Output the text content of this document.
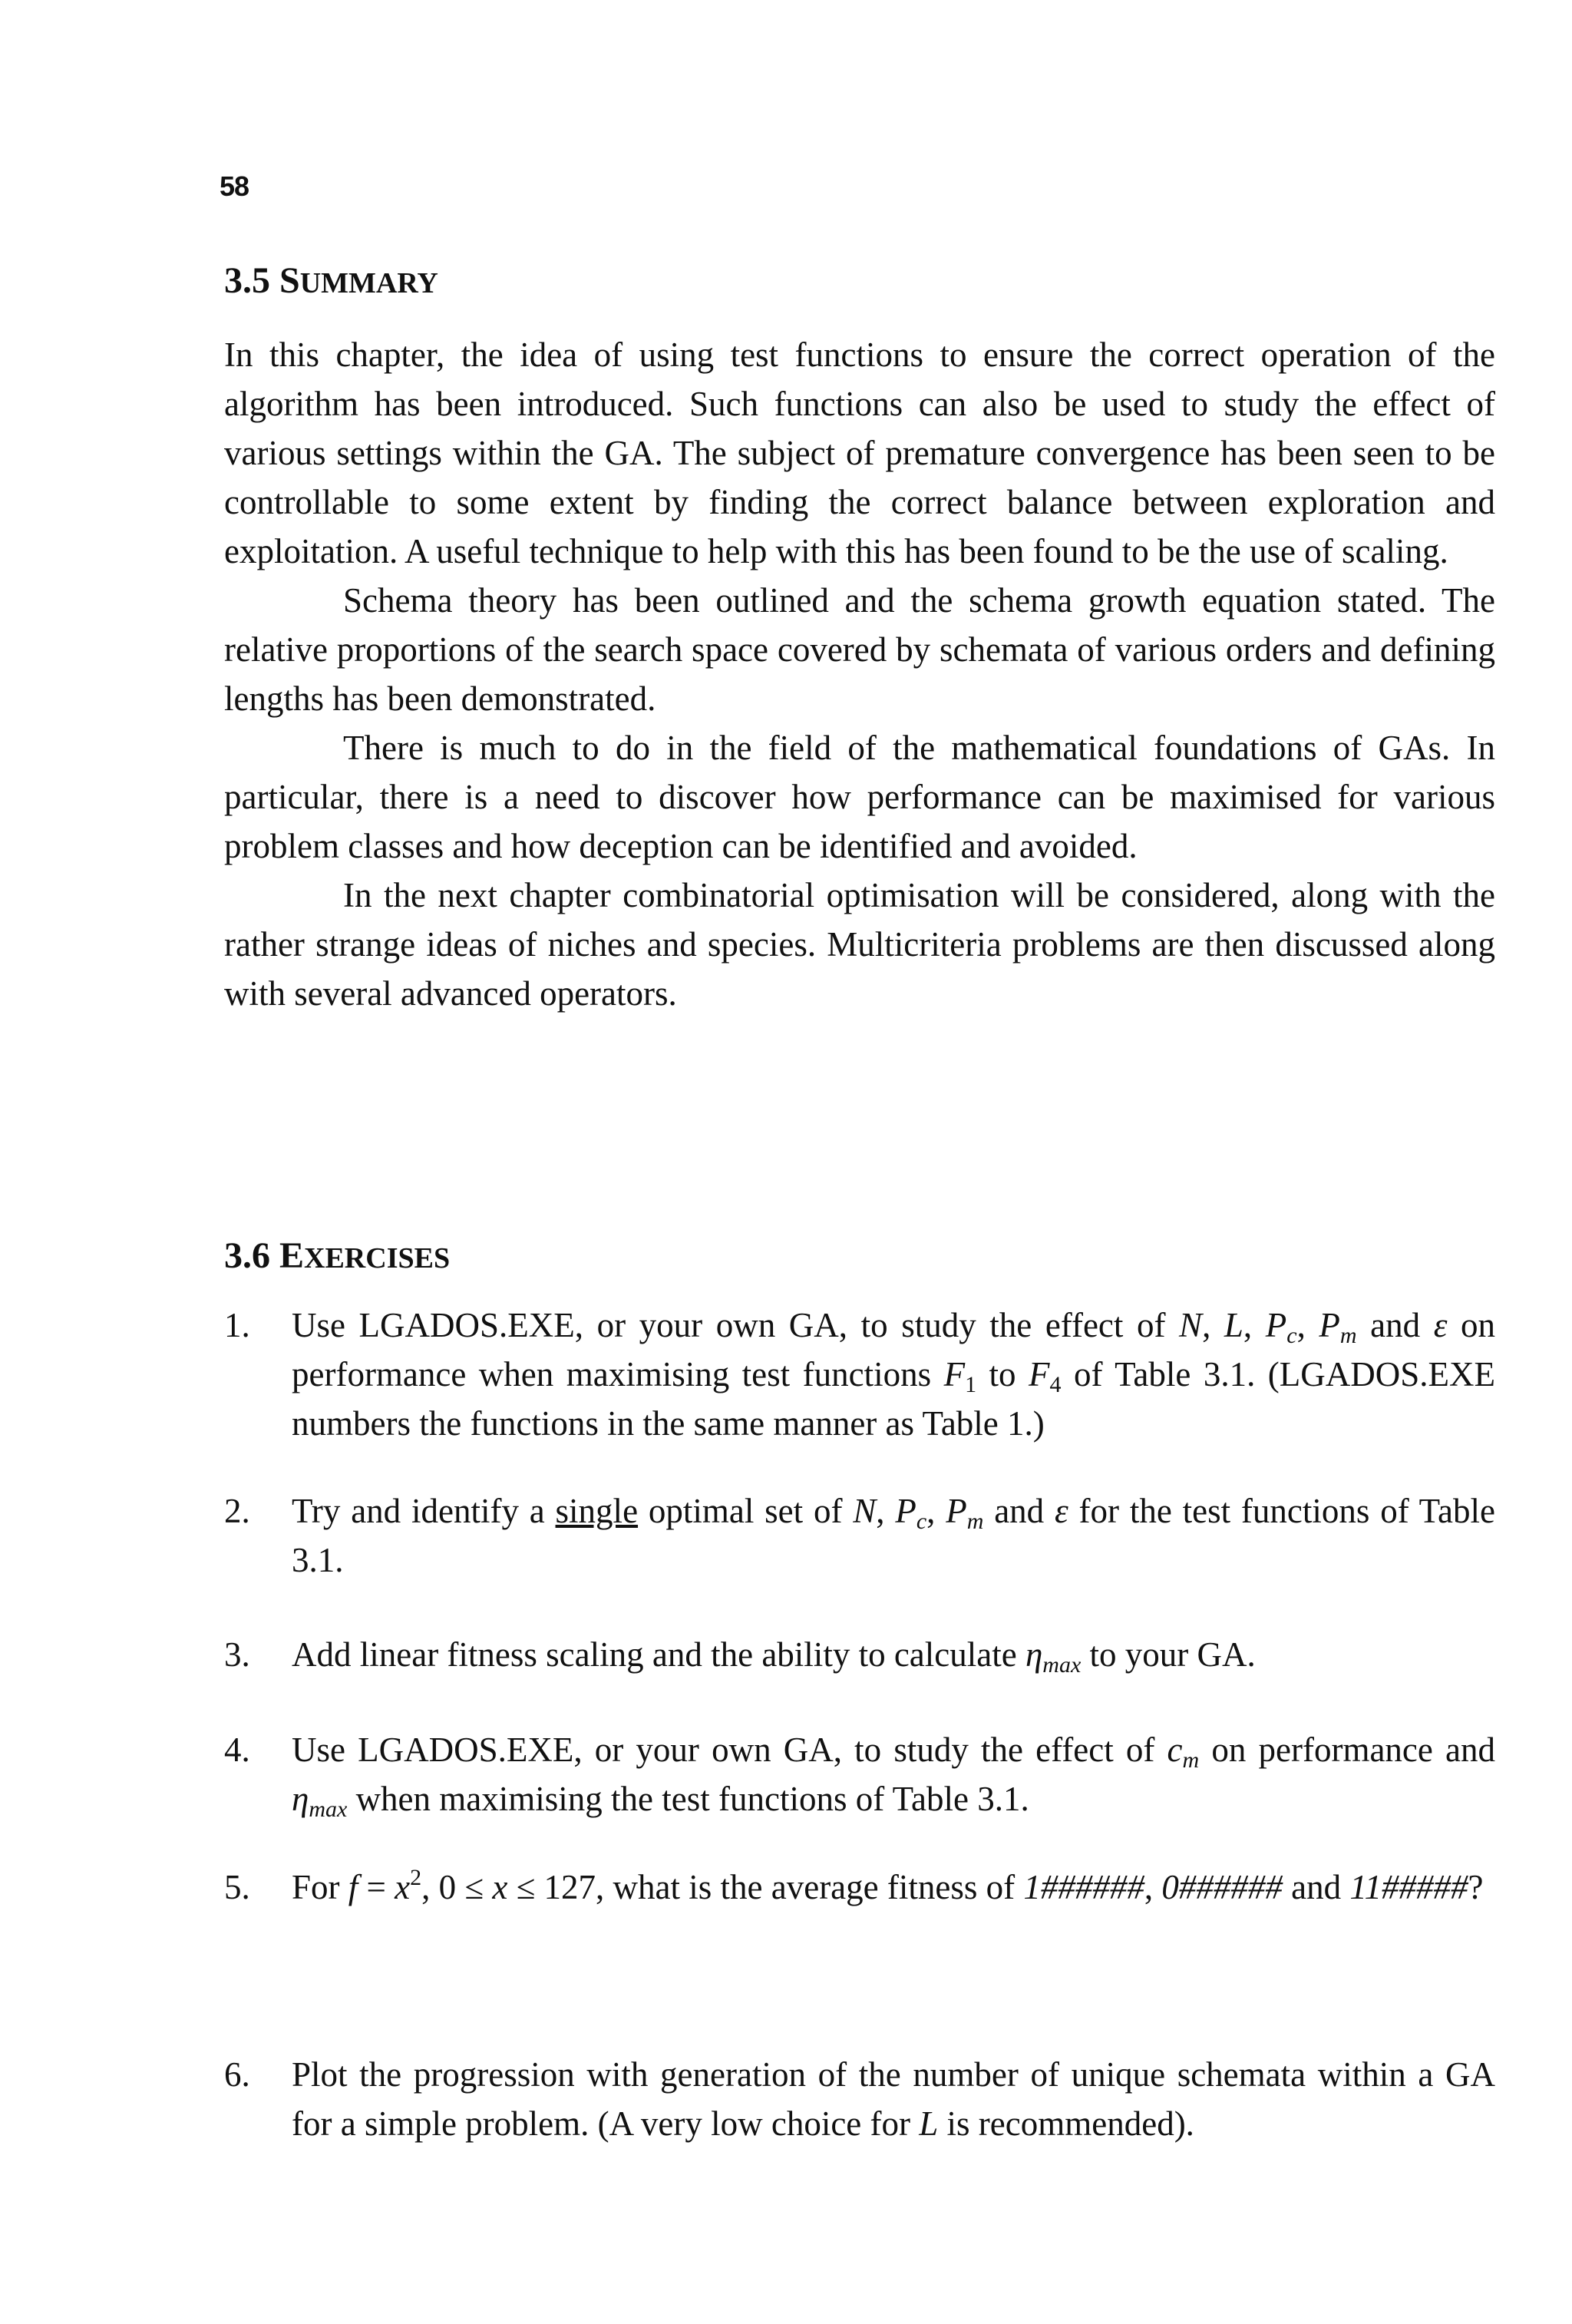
58
3.5 SUMMARY

In this chapter, the idea of using test functions to ensure the correct operation of the algorithm has been introduced. Such functions can also be used to study the effect of various settings within the GA. The subject of premature convergence has been seen to be controllable to some extent by finding the correct balance between exploration and exploitation. A useful technique to help with this has been found to be the use of scaling.

Schema theory has been outlined and the schema growth equation stated. The relative proportions of the search space covered by schemata of various orders and defining lengths has been demonstrated.

There is much to do in the field of the mathematical foundations of GAs. In particular, there is a need to discover how performance can be maximised for various problem classes and how deception can be identified and avoided.

In the next chapter combinatorial optimisation will be considered, along with the rather strange ideas of niches and species. Multicriteria problems are then discussed along with several advanced operators.

3.6 EXERCISES
1. Use LGADOS.EXE, or your own GA, to study the effect of N, L, $P_c$, $P_m$ and ε on performance when maximising test functions $F_1$ to $F_4$ of Table 3.1. (LGADOS.EXE numbers the functions in the same manner as Table 1.)
2. Try and identify a single optimal set of N, $P_c$, $P_m$ and ε for the test functions of Table 3.1.
3. Add linear fitness scaling and the ability to calculate $\eta_{max}$ to your GA.
4. Use LGADOS.EXE, or your own GA, to study the effect of $c_m$ on performance and $\eta_{max}$ when maximising the test functions of Table 3.1.
5. For $f = x^2$, 0 ≤ x ≤ 127, what is the average fitness of 1######, 0###### and 11#####?
6. Plot the progression with generation of the number of unique schemata within a GA for a simple problem. (A very low choice for L is recommended).
